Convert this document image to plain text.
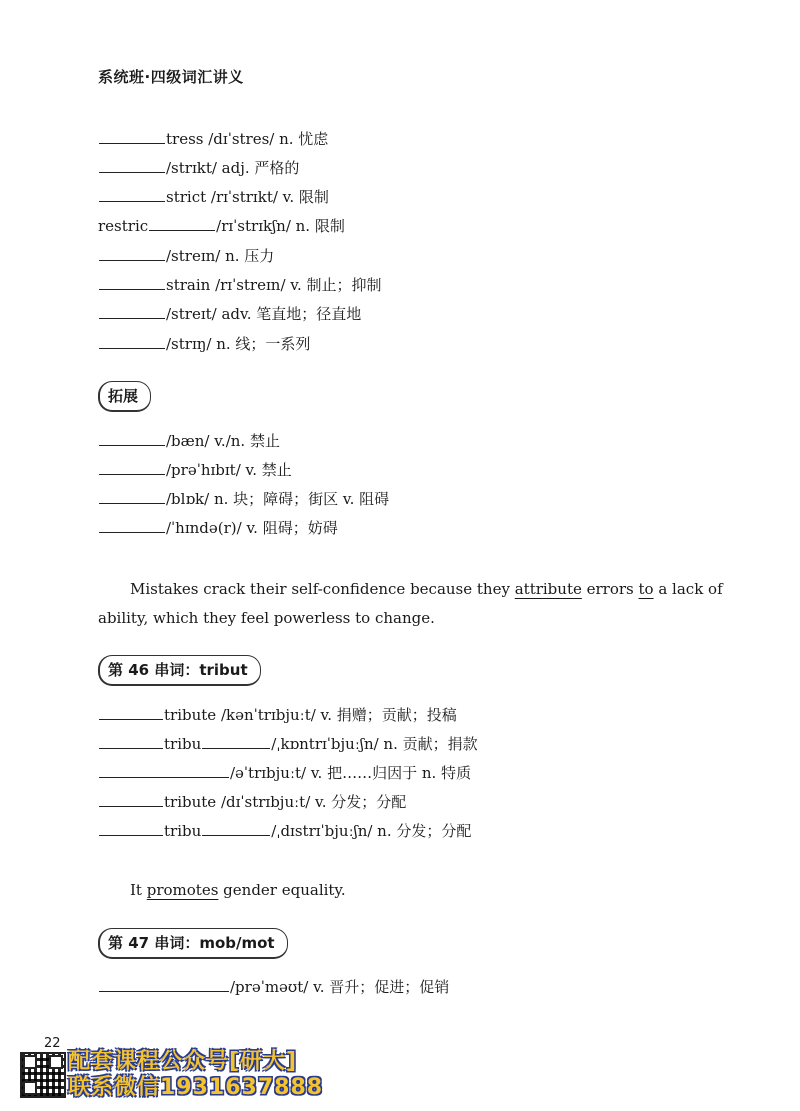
系统班·四级词汇讲义
tress /dɪˈstres/ n. 忧虑
/strɪkt/ adj. 严格的
strict /rɪˈstrɪkt/ v. 限制
restric	/rɪˈstrɪkʃn/ n. 限制
/streɪn/ n. 压力
strain /rɪˈstreɪn/ v. 制止；抑制
/streɪt/ adv. 笔直地；径直地
/strɪŋ/ n. 线；一系列
拓展
/bæn/ v./n. 禁止
/prəˈhɪbɪt/ v. 禁止
/blɒk/ n. 块；障碍；街区 v. 阻碍
/ˈhɪndə(r)/ v. 阻碍；妨碍
Mistakes crack their self-confidence because they attribute errors to a lack of ability, which they feel powerless to change.
第 46 串词：tribut
tribute /kənˈtrɪbjuːt/ v. 捐赠；贡献；投稿
tribu	/ˌkɒntrɪˈbjuːʃn/ n. 贡献；捐款
/əˈtrɪbjuːt/ v. 把……归因于 n. 特质
tribute /dɪˈstrɪbjuːt/ v. 分发；分配
tribu	/ˌdɪstrɪˈbjuːʃn/ n. 分发；分配
It promotes gender equality.
第 47 串词：mob/mot
/prəˈməʊt/ v. 晋升；促进；促销
22
配套课程公众号[研大]
联系微信1931637888
